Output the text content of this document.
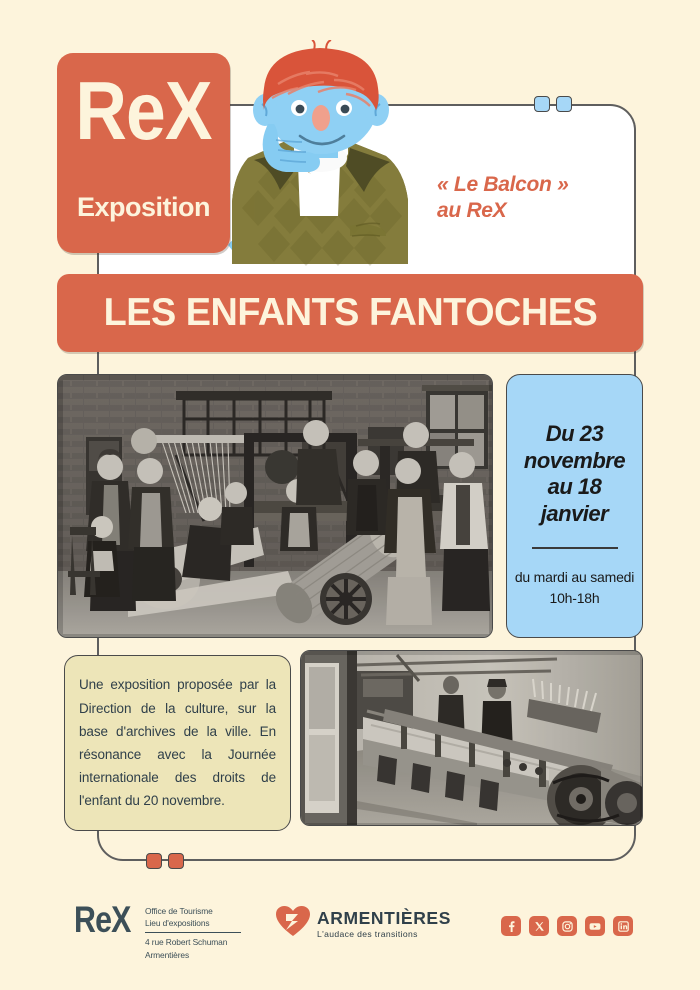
ReX
Exposition
« Le Balcon »
au ReX
LES ENFANTS FANTOCHES
Du 23 novembre au 18 janvier
du mardi au samedi 10h-18h
Une exposition proposée par la Direction de la culture, sur la base d'archives de la ville. En résonance avec la Journée internationale des droits de l'enfant du 20 novembre.
ReX Office de Tourisme
Lieu d'expositions
4 rue Robert Schuman
Armentières
ARMENTIÈRES
L'audace des transitions
